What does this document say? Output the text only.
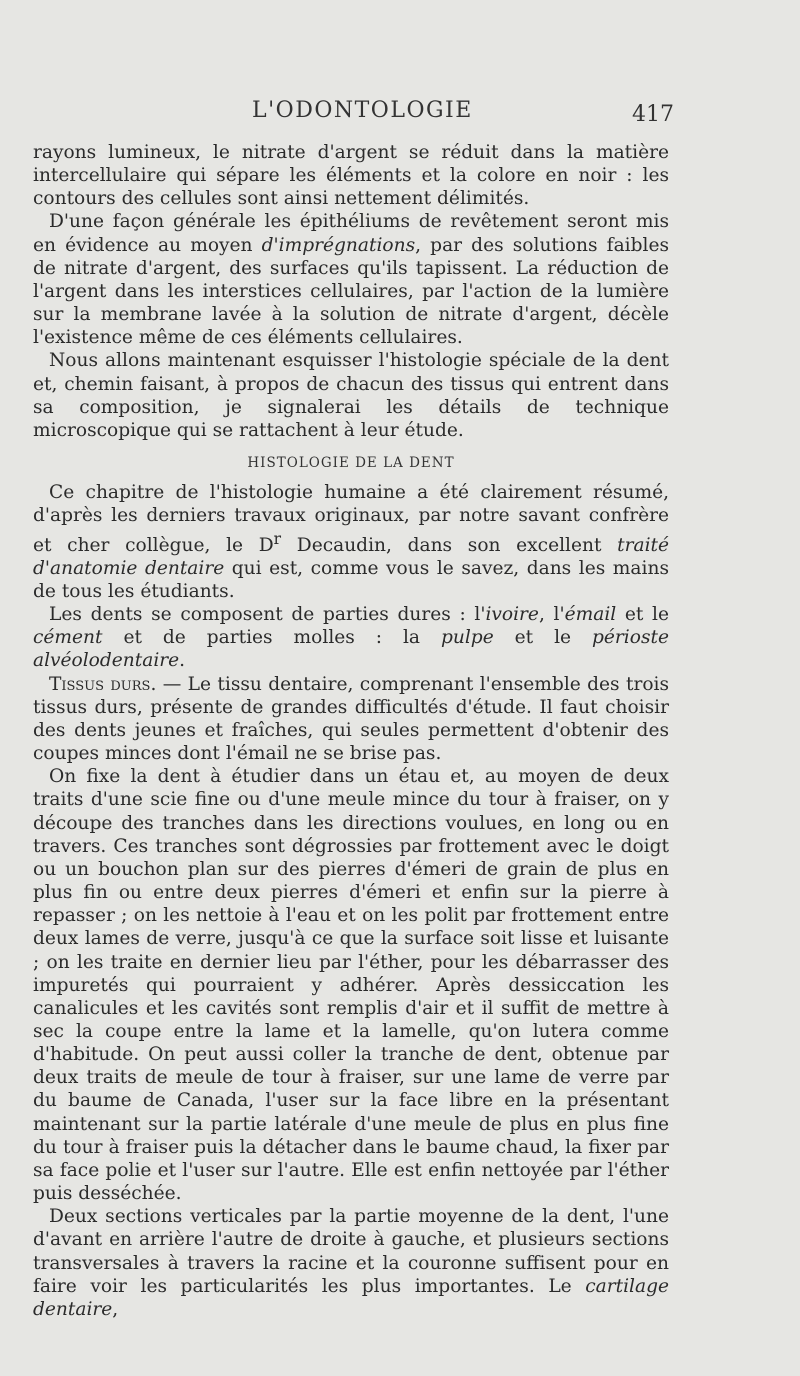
L'ODONTOLOGIE	417

rayons lumineux, le nitrate d'argent se réduit dans la matière intercellulaire qui sépare les éléments et la colore en noir : les contours des cellules sont ainsi nettement délimités.

D'une façon générale les épithéliums de revêtement seront mis en évidence au moyen d'imprégnations, par des solutions faibles de nitrate d'argent, des surfaces qu'ils tapissent. La réduction de l'argent dans les interstices cellulaires, par l'action de la lumière sur la membrane lavée à la solution de nitrate d'argent, décèle l'existence même de ces éléments cellulaires.

Nous allons maintenant esquisser l'histologie spéciale de la dent et, chemin faisant, à propos de chacun des tissus qui entrent dans sa composition, je signalerai les détails de technique microscopique qui se rattachent à leur étude.

HISTOLOGIE DE LA DENT

Ce chapitre de l'histologie humaine a été clairement résumé, d'après les derniers travaux originaux, par notre savant confrère et cher collègue, le $D^r$ Decaudin, dans son excellent traité d'anatomie dentaire qui est, comme vous le savez, dans les mains de tous les étudiants.

Les dents se composent de parties dures : l'ivoire, l'émail et le cément et de parties molles : la pulpe et le périoste alvéolodentaire.

Tissus durs. — Le tissu dentaire, comprenant l'ensemble des trois tissus durs, présente de grandes difficultés d'étude. Il faut choisir des dents jeunes et fraîches, qui seules permettent d'obtenir des coupes minces dont l'émail ne se brise pas.

On fixe la dent à étudier dans un étau et, au moyen de deux traits d'une scie fine ou d'une meule mince du tour à fraiser, on y découpe des tranches dans les directions voulues, en long ou en travers. Ces tranches sont dégrossies par frottement avec le doigt ou un bouchon plan sur des pierres d'émeri de grain de plus en plus fin ou entre deux pierres d'émeri et enfin sur la pierre à repasser ; on les nettoie à l'eau et on les polit par frottement entre deux lames de verre, jusqu'à ce que la surface soit lisse et luisante ; on les traite en dernier lieu par l'éther, pour les débarrasser des impuretés qui pourraient y adhérer. Après dessiccation les canalicules et les cavités sont remplis d'air et il suffit de mettre à sec la coupe entre la lame et la lamelle, qu'on lutera comme d'habitude. On peut aussi coller la tranche de dent, obtenue par deux traits de meule de tour à fraiser, sur une lame de verre par du baume de Canada, l'user sur la face libre en la présentant maintenant sur la partie latérale d'une meule de plus en plus fine du tour à fraiser puis la détacher dans le baume chaud, la fixer par sa face polie et l'user sur l'autre. Elle est enfin nettoyée par l'éther puis desséchée.

Deux sections verticales par la partie moyenne de la dent, l'une d'avant en arrière l'autre de droite à gauche, et plusieurs sections transversales à travers la racine et la couronne suffisent pour en faire voir les particularités les plus importantes. Le cartilage dentaire,
